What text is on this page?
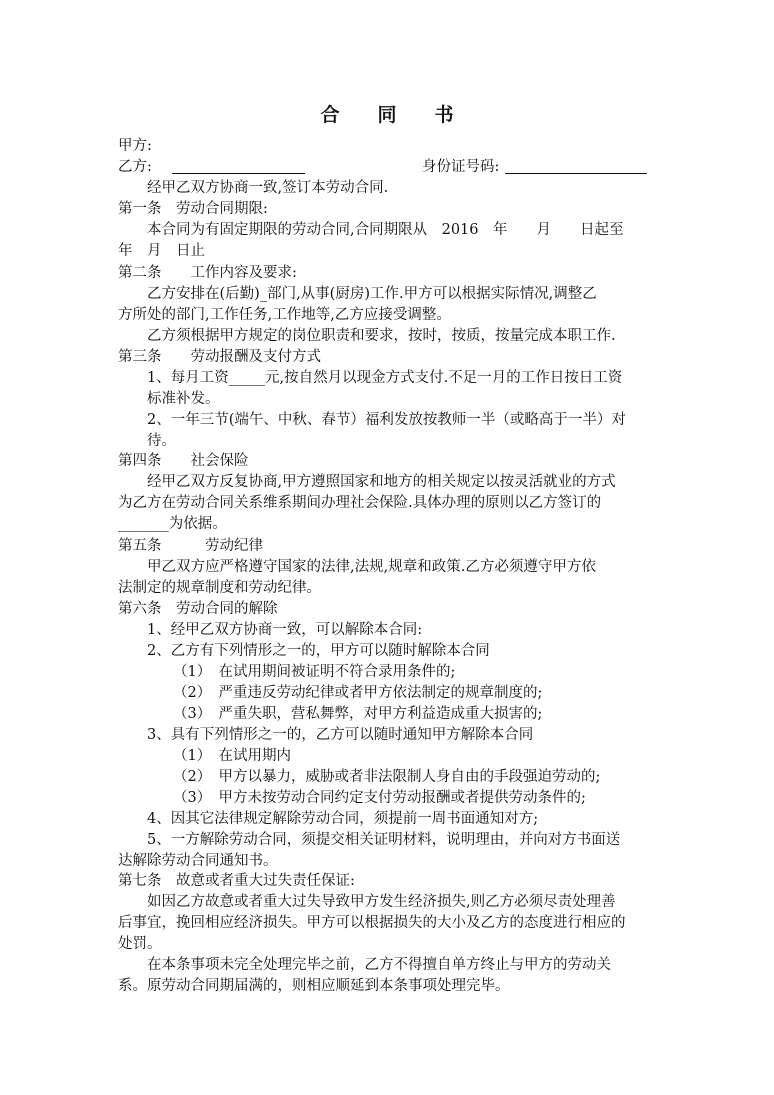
合 同 书
甲方:
乙方:	身份证号码:
经甲乙双方协商一致,签订本劳动合同.
第一条　劳动合同期限:
本合同为有固定期限的劳动合同,合同期限从　2016　年　　月　　日起至
年　月　日止
第二条　　工作内容及要求:
乙方安排在(后勤)_部门,从事(厨房)工作.甲方可以根据实际情况,调整乙
方所处的部门,工作任务,工作地等,乙方应接受调整。
乙方须根据甲方规定的岗位职责和要求，按时，按质，按量完成本职工作.
第三条　　劳动报酬及支付方式
1、每月工资_____元,按自然月以现金方式支付.不足一月的工作日按日工资
标准补发。
2、一年三节(端午、中秋、春节）福利发放按教师一半（或略高于一半）对
待。
第四条　　社会保险
经甲乙双方反复协商,甲方遵照国家和地方的相关规定以按灵活就业的方式
为乙方在劳动合同关系维系期间办理社会保险.具体办理的原则以乙方签订的
_______为依据。
第五条　　　劳动纪律
甲乙双方应严格遵守国家的法律,法规,规章和政策.乙方必须遵守甲方依
法制定的规章制度和劳动纪律。
第六条　劳动合同的解除
1、经甲乙双方协商一致，可以解除本合同:
2、乙方有下列情形之一的，甲方可以随时解除本合同
（1）　在试用期间被证明不符合录用条件的;
（2）　严重违反劳动纪律或者甲方依法制定的规章制度的;
（3）　严重失职，营私舞弊，对甲方利益造成重大损害的;
3、具有下列情形之一的，乙方可以随时通知甲方解除本合同
（1）　在试用期内
（2）　甲方以暴力，威胁或者非法限制人身自由的手段强迫劳动的;
（3）　甲方未按劳动合同约定支付劳动报酬或者提供劳动条件的;
4、因其它法律规定解除劳动合同，须提前一周书面通知对方;
5、一方解除劳动合同，须提交相关证明材料，说明理由，并向对方书面送
达解除劳动合同通知书。
第七条　故意或者重大过失责任保证:
如因乙方故意或者重大过失导致甲方发生经济损失,则乙方必须尽责处理善
后事宜，挽回相应经济损失。甲方可以根据损失的大小及乙方的态度进行相应的
处罚。
在本条事项未完全处理完毕之前，乙方不得擅自单方终止与甲方的劳动关
系。原劳动合同期届满的，则相应顺延到本条事项处理完毕。
